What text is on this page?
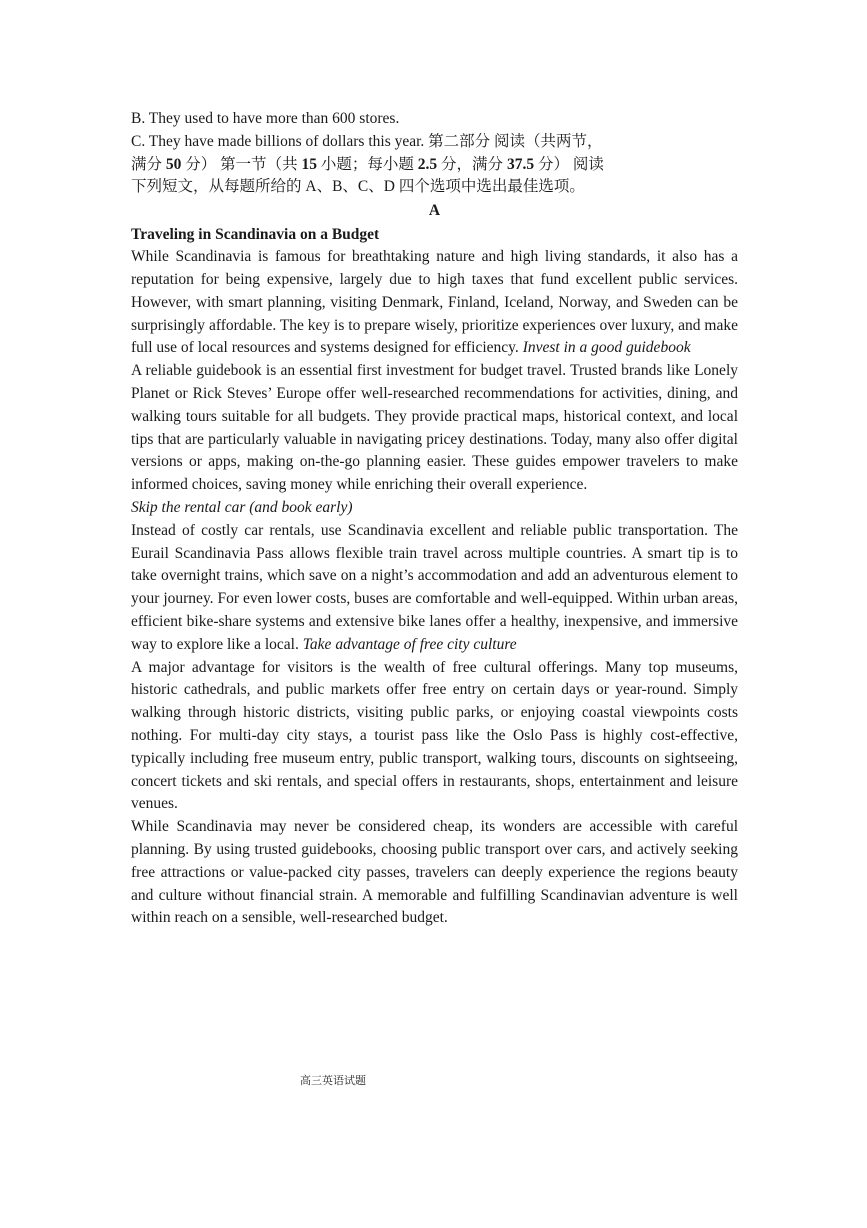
B. They used to have more than 600 stores.
C. They have made billions of dollars this year. 第二部分 阅读（共两节，
满分 50 分） 第一节（共 15 小题；每小题 2.5 分，满分 37.5 分） 阅读
下列短文，从每题所给的 A、B、C、D 四个选项中选出最佳选项。
A
Traveling in Scandinavia on a Budget
While Scandinavia is famous for breathtaking nature and high living standards, it also has a reputation for being expensive, largely due to high taxes that fund excellent public services. However, with smart planning, visiting Denmark, Finland, Iceland, Norway, and Sweden can be surprisingly affordable. The key is to prepare wisely, prioritize experiences over luxury, and make full use of local resources and systems designed for efficiency. Invest in a good guidebook
A reliable guidebook is an essential first investment for budget travel. Trusted brands like Lonely Planet or Rick Steves’ Europe offer well-researched recommendations for activities, dining, and walking tours suitable for all budgets. They provide practical maps, historical context, and local tips that are particularly valuable in navigating pricey destinations. Today, many also offer digital versions or apps, making on-the-go planning easier. These guides empower travelers to make informed choices, saving money while enriching their overall experience.
Skip the rental car (and book early)
Instead of costly car rentals, use Scandinavia excellent and reliable public transportation. The Eurail Scandinavia Pass allows flexible train travel across multiple countries. A smart tip is to take overnight trains, which save on a night’s accommodation and add an adventurous element to your journey. For even lower costs, buses are comfortable and well-equipped. Within urban areas, efficient bike-share systems and extensive bike lanes offer a healthy, inexpensive, and immersive way to explore like a local. Take advantage of free city culture
A major advantage for visitors is the wealth of free cultural offerings. Many top museums, historic cathedrals, and public markets offer free entry on certain days or year-round. Simply walking through historic districts, visiting public parks, or enjoying coastal viewpoints costs nothing. For multi-day city stays, a tourist pass like the Oslo Pass is highly cost-effective, typically including free museum entry, public transport, walking tours, discounts on sightseeing, concert tickets and ski rentals, and special offers in restaurants, shops, entertainment and leisure venues.
While Scandinavia may never be considered cheap, its wonders are accessible with careful planning. By using trusted guidebooks, choosing public transport over cars, and actively seeking free attractions or value-packed city passes, travelers can deeply experience the regions beauty and culture without financial strain. A memorable and fulfilling Scandinavian adventure is well within reach on a sensible, well-researched budget.
高三英语试题
